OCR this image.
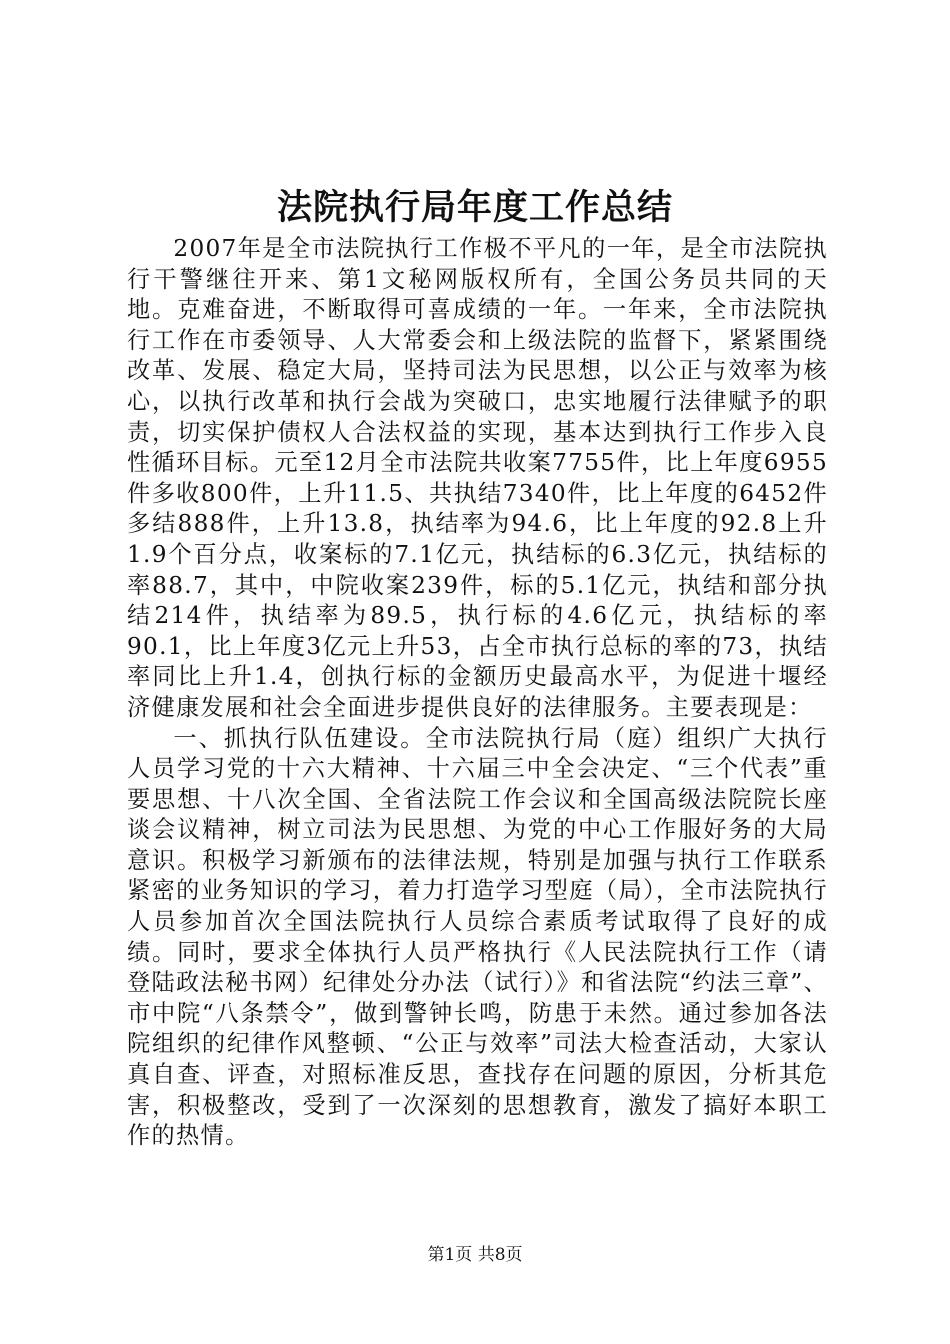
法院执行局年度工作总结

2007年是全市法院执行工作极不平凡的一年，是全市法院执行干警继往开来、第1文秘网版权所有，全国公务员共同的天地。克难奋进，不断取得可喜成绩的一年。一年来，全市法院执行工作在市委领导、人大常委会和上级法院的监督下，紧紧围绕改革、发展、稳定大局，坚持司法为民思想，以公正与效率为核心，以执行改革和执行会战为突破口，忠实地履行法律赋予的职责，切实保护债权人合法权益的实现，基本达到执行工作步入良性循环目标。元至12月全市法院共收案7755件，比上年度6955件多收800件，上升11.5、共执结7340件，比上年度的6452件多结888件，上升13.8，执结率为94.6，比上年度的92.8上升1.9个百分点，收案标的7.1亿元，执结标的6.3亿元，执结标的率88.7，其中，中院收案239件，标的5.1亿元，执结和部分执结214件，执结率为89.5，执行标的4.6亿元，执结标的率90.1，比上年度3亿元上升53，占全市执行总标的率的73，执结率同比上升1.4，创执行标的金额历史最高水平，为促进十堰经济健康发展和社会全面进步提供良好的法律服务。主要表现是：

一、抓执行队伍建设。全市法院执行局（庭）组织广大执行人员学习党的十六大精神、十六届三中全会决定、“三个代表”重要思想、十八次全国、全省法院工作会议和全国高级法院院长座谈会议精神，树立司法为民思想、为党的中心工作服好务的大局意识。积极学习新颁布的法律法规，特别是加强与执行工作联系紧密的业务知识的学习，着力打造学习型庭（局），全市法院执行人员参加首次全国法院执行人员综合素质考试取得了良好的成绩。同时，要求全体执行人员严格执行《人民法院执行工作（请登陆政法秘书网）纪律处分办法（试行）》和省法院“约法三章”、市中院“八条禁令”，做到警钟长鸣，防患于未然。通过参加各法院组织的纪律作风整顿、“公正与效率”司法大检查活动，大家认真自查、评查，对照标准反思，查找存在问题的原因，分析其危害，积极整改，受到了一次深刻的思想教育，激发了搞好本职工作的热情。

第1页 共8页
